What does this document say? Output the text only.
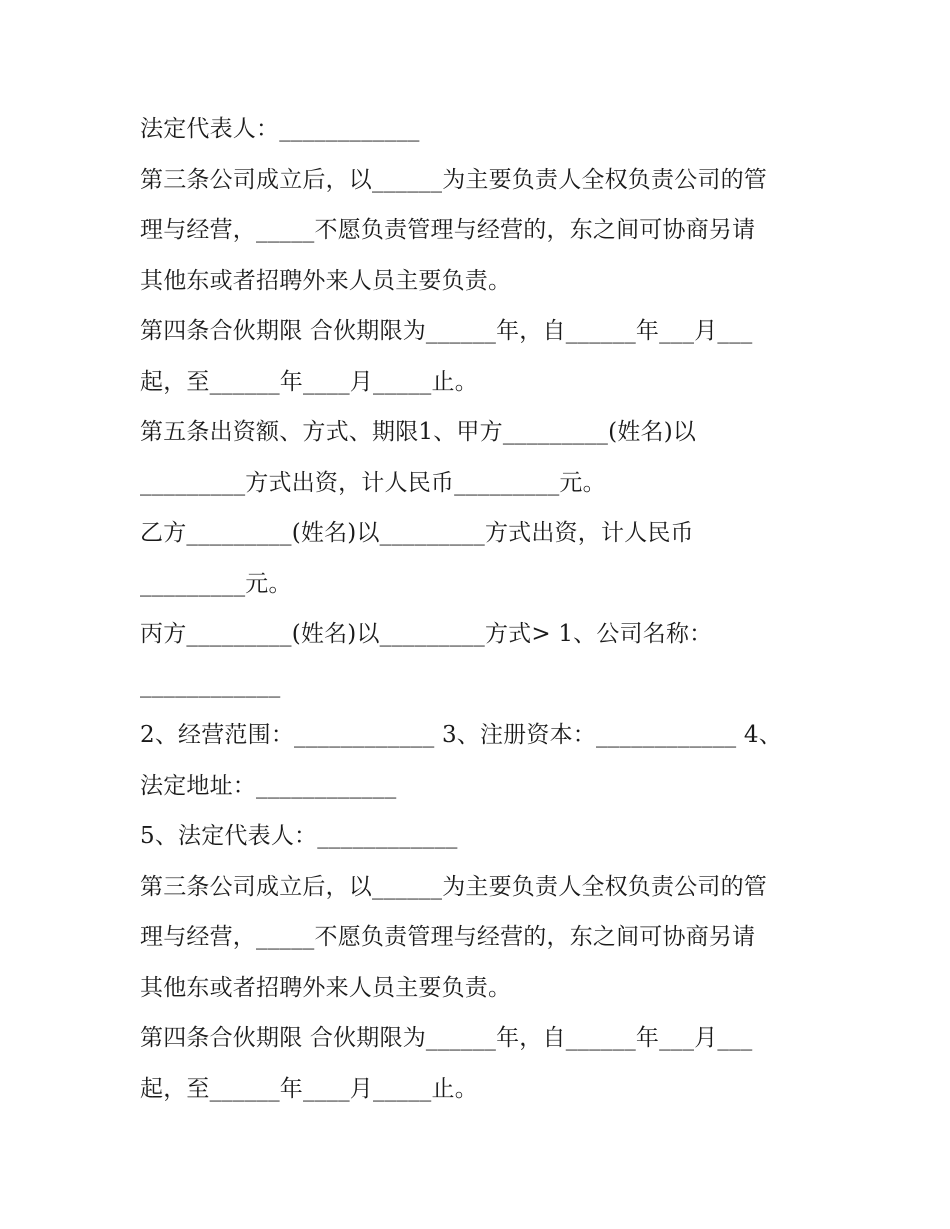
法定代表人：____________
第三条公司成立后，以______为主要负责人全权负责公司的管
理与经营，_____不愿负责管理与经营的，东之间可协商另请
其他东或者招聘外来人员主要负责。
第四条合伙期限 合伙期限为______年，自______年___月___
起，至______年____月_____止。
第五条出资额、方式、期限1、甲方_________(姓名)以
_________方式出资，计人民币_________元。
乙方_________(姓名)以_________方式出资，计人民币
_________元。
丙方_________(姓名)以_________方式> 1、公司名称：
____________
2、经营范围：____________ 3、注册资本：____________ 4、
法定地址：____________
5、法定代表人：____________
第三条公司成立后，以______为主要负责人全权负责公司的管
理与经营，_____不愿负责管理与经营的，东之间可协商另请
其他东或者招聘外来人员主要负责。
第四条合伙期限 合伙期限为______年，自______年___月___
起，至______年____月_____止。
